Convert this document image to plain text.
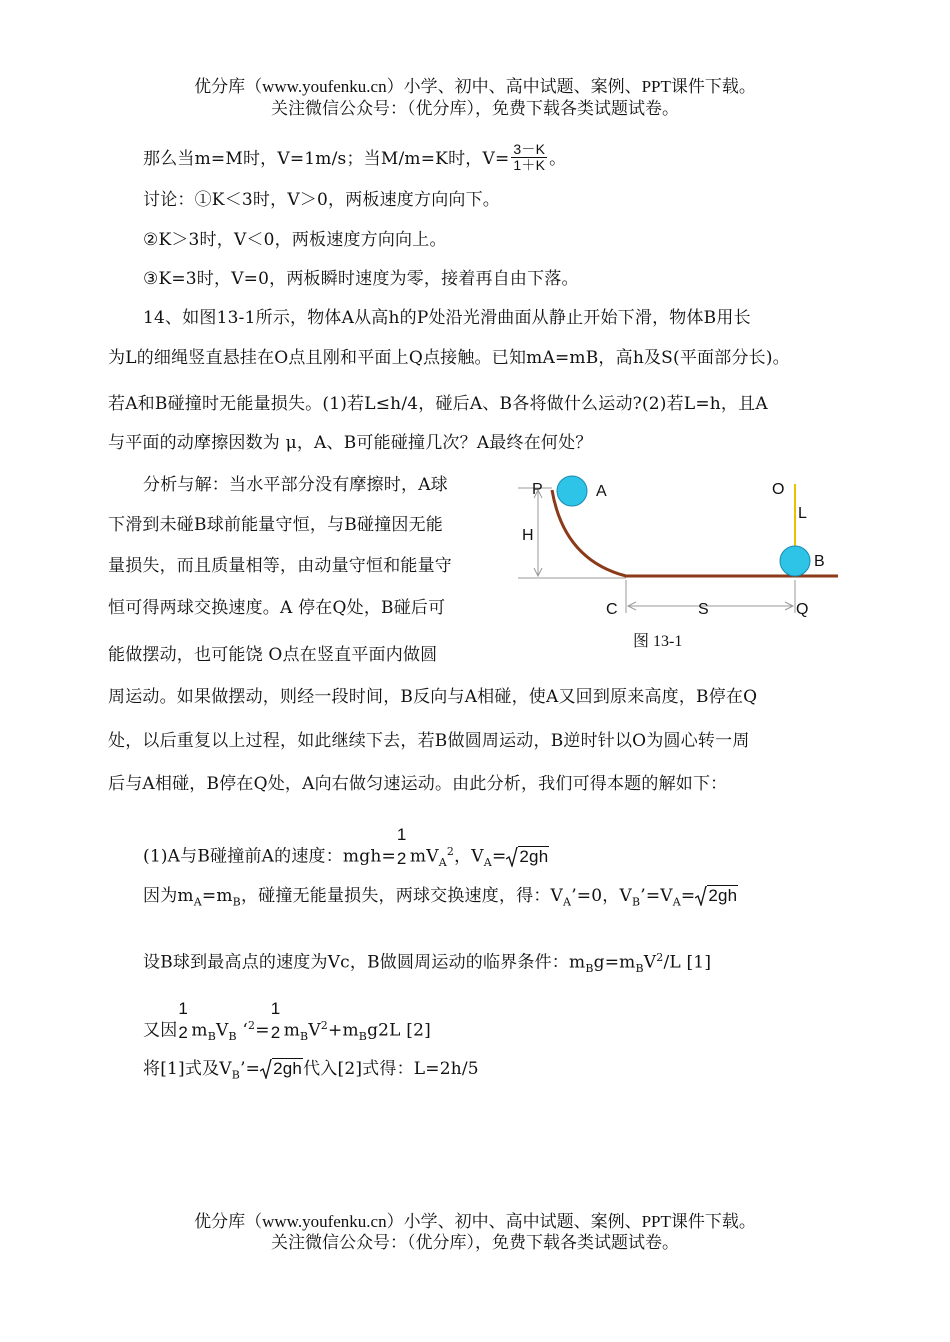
优分库（www.youfenku.cn）小学、初中、高中试题、案例、PPT课件下载。
关注微信公众号：（优分库），免费下载各类试题试卷。
那么当m=M时，V=1m/s；当M/m=K时，$V= \frac{3-K}{1+K}$ 。
讨论：①K＜3时，V＞0，两板速度方向向下。
②K＞3时，V＜0，两板速度方向向上。
③K=3时，V=0，两板瞬时速度为零，接着再自由下落。
14、如图13-1所示，物体A从高h的P处沿光滑曲面从静止开始下滑，物体B用长
为L的细绳竖直悬挂在O点且刚和平面上Q点接触。已知mA=mB，高h及S(平面部分长)。
若A和B碰撞时无能量损失。(1)若L≤h/4，碰后A、B各将做什么运动?(2)若L=h，且A
与平面的动摩擦因数为 μ，A、B可能碰撞几次？A最终在何处？
分析与解：当水平部分没有摩擦时，A球
下滑到未碰B球前能量守恒，与B碰撞因无能
量损失，而且质量相等，由动量守恒和能量守
恒可得两球交换速度。A 停在Q处，B碰后可
能做摆动，也可能饶 O点在竖直平面内做圆
周运动。如果做摆动，则经一段时间，B反向与A相碰，使A又回到原来高度，B停在Q
处，以后重复以上过程，如此继续下去，若B做圆周运动，B逆时针以O为圆心转一周
后与A相碰，B停在Q处，A向右做匀速运动。由此分析，我们可得本题的解如下：
P	A
H
O
L
B
C	S	Q
图 13-1
(1)A与B碰撞前A的速度：mgh=
1
2 $mV_A^2$，$V_A= 2gh$
因为$m_A=m_B$，碰撞无能量损失，两球交换速度，得：$V_A’=0$，$V_B’=V_A= 2gh$
设B球到最高点的速度为Vc，B做圆周运动的临界条件：$m_Bg=m_BV^2/L$ [1]
又因
1
2 $m_BV_B$ ‘$^2$=
1
2 $m_BV^2+m_Bg2L$ [2]
将[1]式及$V_B’= 2gh$代入[2]式得：L=2h/5
优分库（www.youfenku.cn）小学、初中、高中试题、案例、PPT课件下载。
关注微信公众号：（优分库），免费下载各类试题试卷。
